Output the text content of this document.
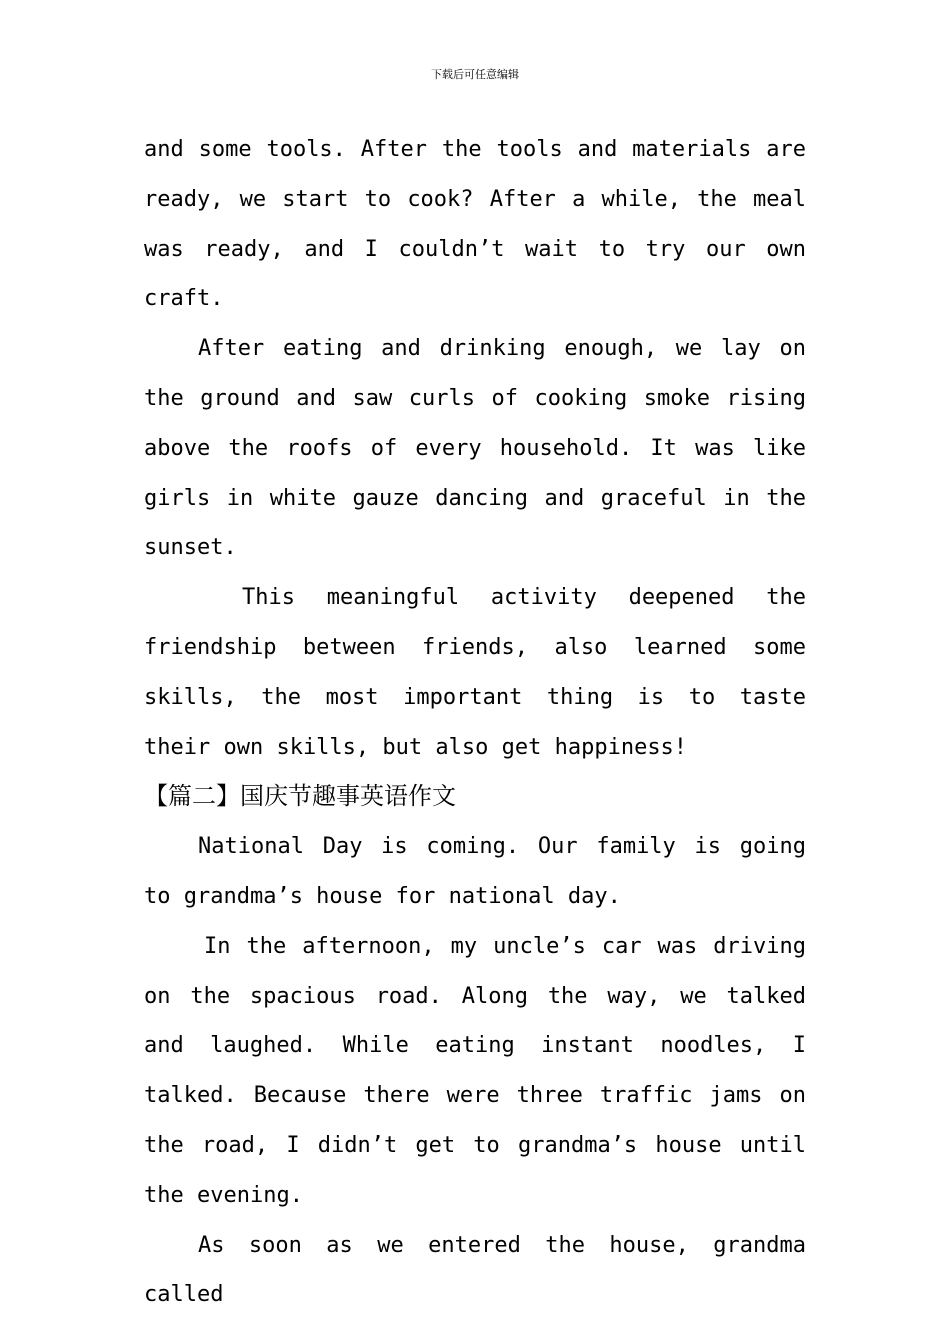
下载后可任意编辑

and some tools. After the tools and materials are ready, we start to cook? After a while, the meal was ready, and I couldn’t wait to try our own craft.

After eating and drinking enough, we lay on the ground and saw curls of cooking smoke rising above the roofs of every household. It was like girls in white gauze dancing and graceful in the sunset.

This meaningful activity deepened the friendship between friends, also learned some skills, the most important thing is to taste their own skills, but also get happiness!

【篇二】国庆节趣事英语作文

National Day is coming. Our family is going to grandma’s house for national day.

In the afternoon, my uncle’s car was driving on the spacious road. Along the way, we talked and laughed. While eating instant noodles, I talked. Because there were three traffic jams on the road, I didn’t get to grandma’s house until the evening.

As soon as we entered the house, grandma called
